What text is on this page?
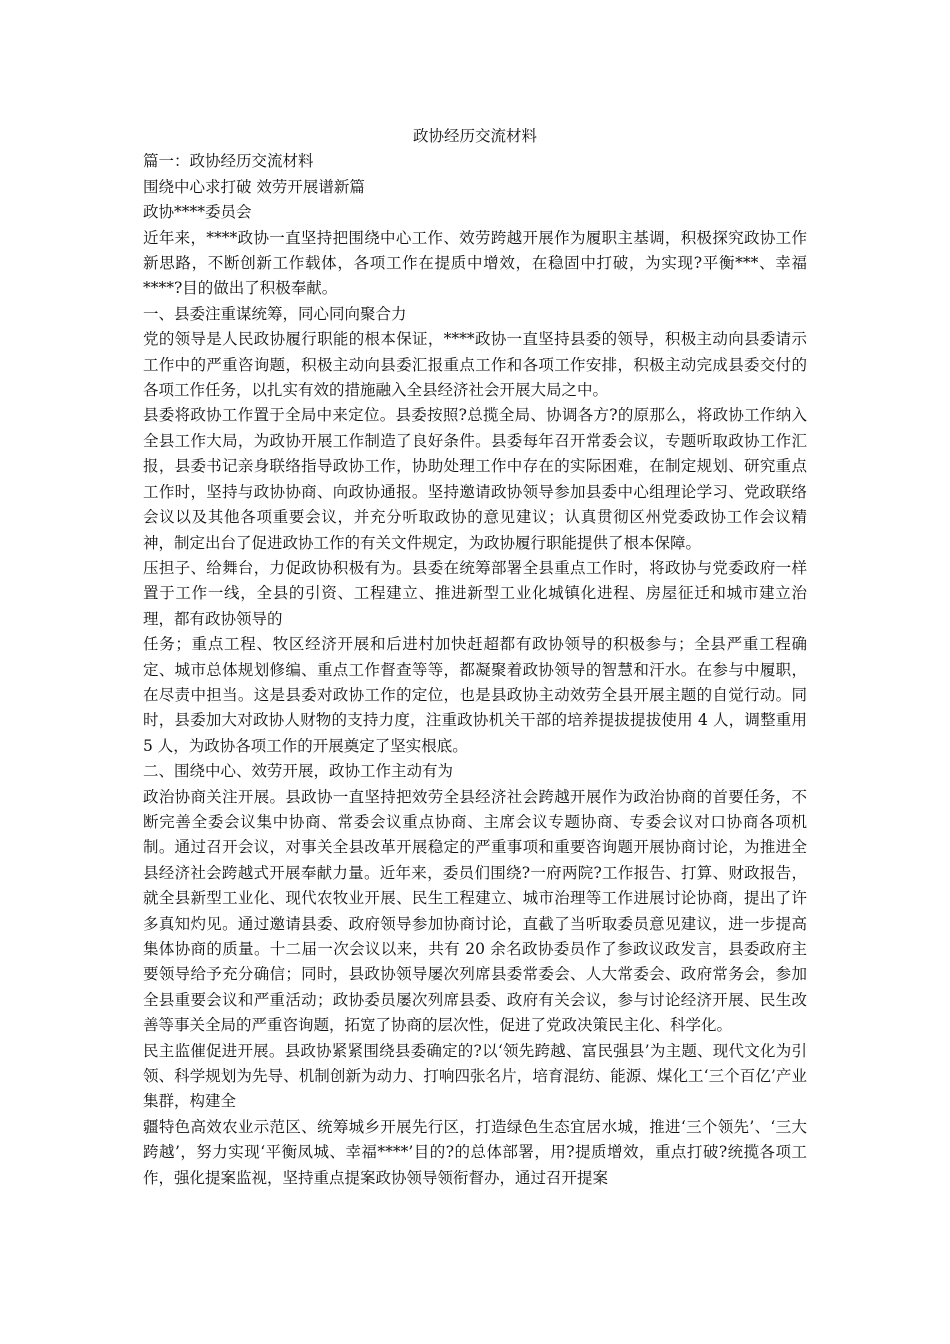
政协经历交流材料

篇一：政协经历交流材料

围绕中心求打破 效劳开展谱新篇

政协****委员会

近年来，****政协一直坚持把围绕中心工作、效劳跨越开展作为履职主基调，积极探究政协工作新思路，不断创新工作载体，各项工作在提质中增效，在稳固中打破，为实现?平衡***、幸福****?目的做出了积极奉献。

一、县委注重谋统筹，同心同向聚合力

党的领导是人民政协履行职能的根本保证，****政协一直坚持县委的领导，积极主动向县委请示工作中的严重咨询题，积极主动向县委汇报重点工作和各项工作安排，积极主动完成县委交付的各项工作任务，以扎实有效的措施融入全县经济社会开展大局之中。

县委将政协工作置于全局中来定位。县委按照?总揽全局、协调各方?的原那么，将政协工作纳入全县工作大局，为政协开展工作制造了良好条件。县委每年召开常委会议，专题听取政协工作汇报，县委书记亲身联络指导政协工作，协助处理工作中存在的实际困难，在制定规划、研究重点工作时，坚持与政协协商、向政协通报。坚持邀请政协领导参加县委中心组理论学习、党政联络会议以及其他各项重要会议，并充分听取政协的意见建议；认真贯彻区州党委政协工作会议精神，制定出台了促进政协工作的有关文件规定，为政协履行职能提供了根本保障。

压担子、给舞台，力促政协积极有为。县委在统筹部署全县重点工作时，将政协与党委政府一样置于工作一线，全县的引资、工程建立、推进新型工业化城镇化进程、房屋征迁和城市建立治理，都有政协领导的

任务；重点工程、牧区经济开展和后进村加快赶超都有政协领导的积极参与；全县严重工程确定、城市总体规划修编、重点工作督查等等，都凝聚着政协领导的智慧和汗水。在参与中履职，在尽责中担当。这是县委对政协工作的定位，也是县政协主动效劳全县开展主题的自觉行动。同时，县委加大对政协人财物的支持力度，注重政协机关干部的培养提拔提拔使用 4 人，调整重用 5 人，为政协各项工作的开展奠定了坚实根底。

二、围绕中心、效劳开展，政协工作主动有为

政治协商关注开展。县政协一直坚持把效劳全县经济社会跨越开展作为政治协商的首要任务，不断完善全委会议集中协商、常委会议重点协商、主席会议专题协商、专委会议对口协商各项机制。通过召开会议，对事关全县改革开展稳定的严重事项和重要咨询题开展协商讨论，为推进全县经济社会跨越式开展奉献力量。近年来，委员们围绕?一府两院?工作报告、打算、财政报告，就全县新型工业化、现代农牧业开展、民生工程建立、城市治理等工作进展讨论协商，提出了许多真知灼见。通过邀请县委、政府领导参加协商讨论，直截了当听取委员意见建议，进一步提高集体协商的质量。十二届一次会议以来，共有 20 余名政协委员作了参政议政发言，县委政府主要领导给予充分确信；同时，县政协领导屡次列席县委常委会、人大常委会、政府常务会，参加全县重要会议和严重活动；政协委员屡次列席县委、政府有关会议，参与讨论经济开展、民生改善等事关全局的严重咨询题，拓宽了协商的层次性，促进了党政决策民主化、科学化。

民主监催促进开展。县政协紧紧围绕县委确定的?以‘领先跨越、富民强县’为主题、现代文化为引领、科学规划为先导、机制创新为动力、打响四张名片，培育混纺、能源、煤化工‘三个百亿’产业集群，构建全

疆特色高效农业示范区、统筹城乡开展先行区，打造绿色生态宜居水城，推进‘三个领先’、‘三大跨越’，努力实现‘平衡凤城、幸福****’目的?的总体部署，用?提质增效，重点打破?统揽各项工作，强化提案监视，坚持重点提案政协领导领衔督办，通过召开提案
